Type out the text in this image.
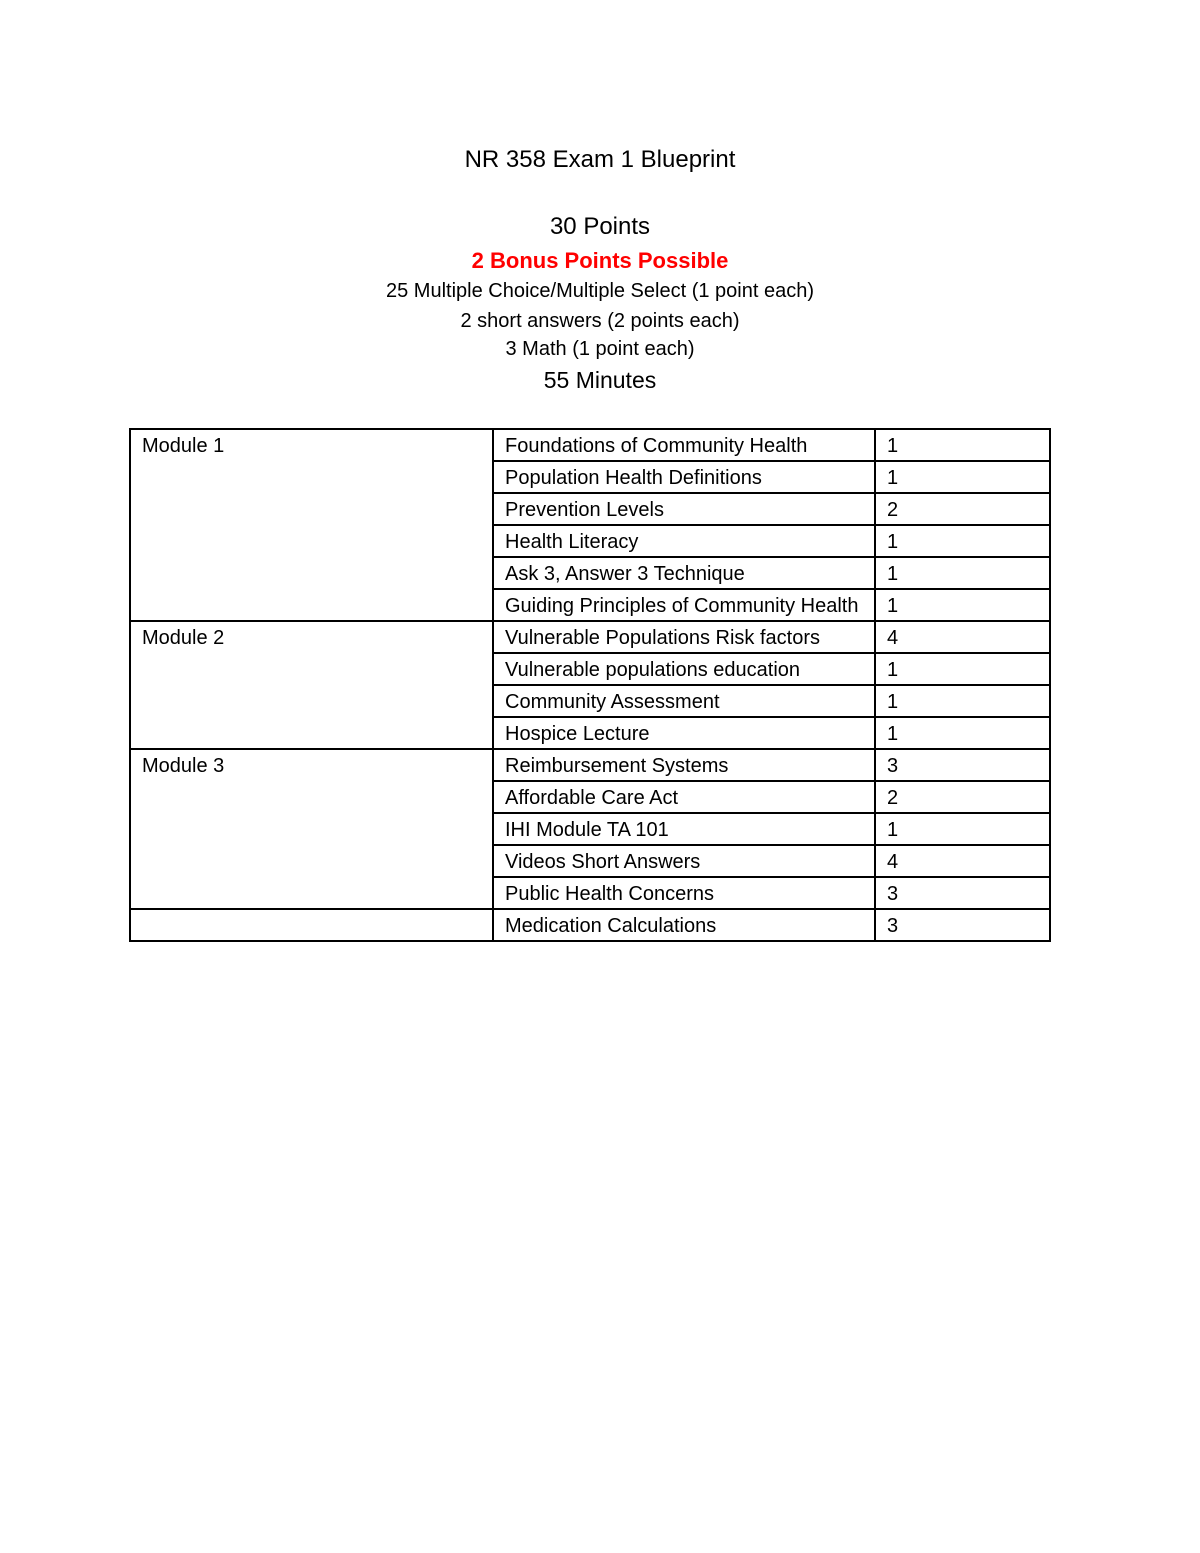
NR 358 Exam 1 Blueprint
30 Points
2 Bonus Points Possible
25 Multiple Choice/Multiple Select (1 point each)
2 short answers (2 points each)
3 Math (1 point each)
55 Minutes
Module 1	Foundations of Community Health	1
	Population Health Definitions	1
	Prevention Levels	2
	Health Literacy	1
	Ask 3, Answer 3 Technique	1
	Guiding Principles of Community Health	1
Module 2	Vulnerable Populations Risk factors	4
	Vulnerable populations education	1
	Community Assessment	1
	Hospice Lecture	1
Module 3	Reimbursement Systems	3
	Affordable Care Act	2
	IHI Module TA 101	1
	Videos Short Answers	4
	Public Health Concerns	3
	Medication Calculations	3
